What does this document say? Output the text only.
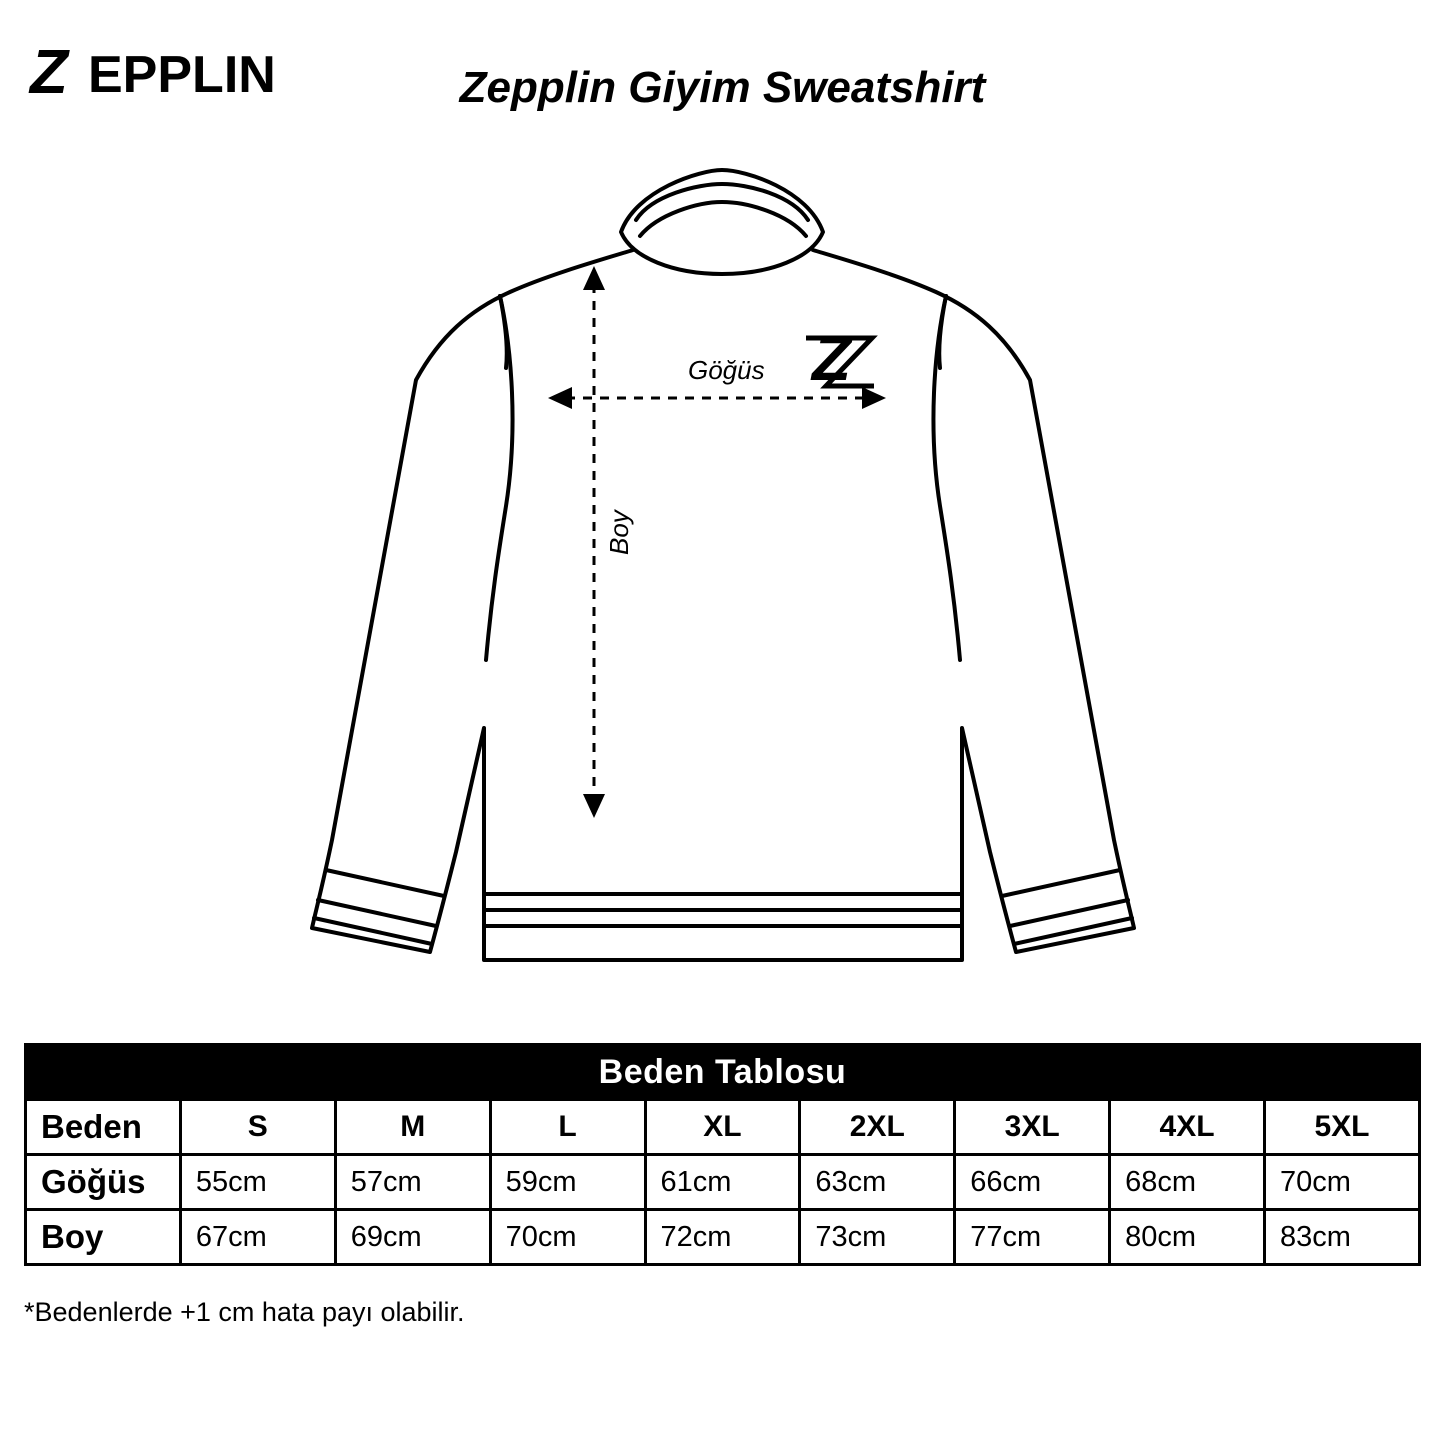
Z EPPLIN	Zepplin Giyim Sweatshirt
Z
Göğüs
Boy
Beden Tablosu								
Beden	S	M	L	XL	2XL	3XL	4XL	5XL
Göğüs	55cm	57cm	59cm	61cm	63cm	66cm	68cm	70cm
Boy	67cm	69cm	70cm	72cm	73cm	77cm	80cm	83cm
*Bedenlerde +1 cm hata payı olabilir.
